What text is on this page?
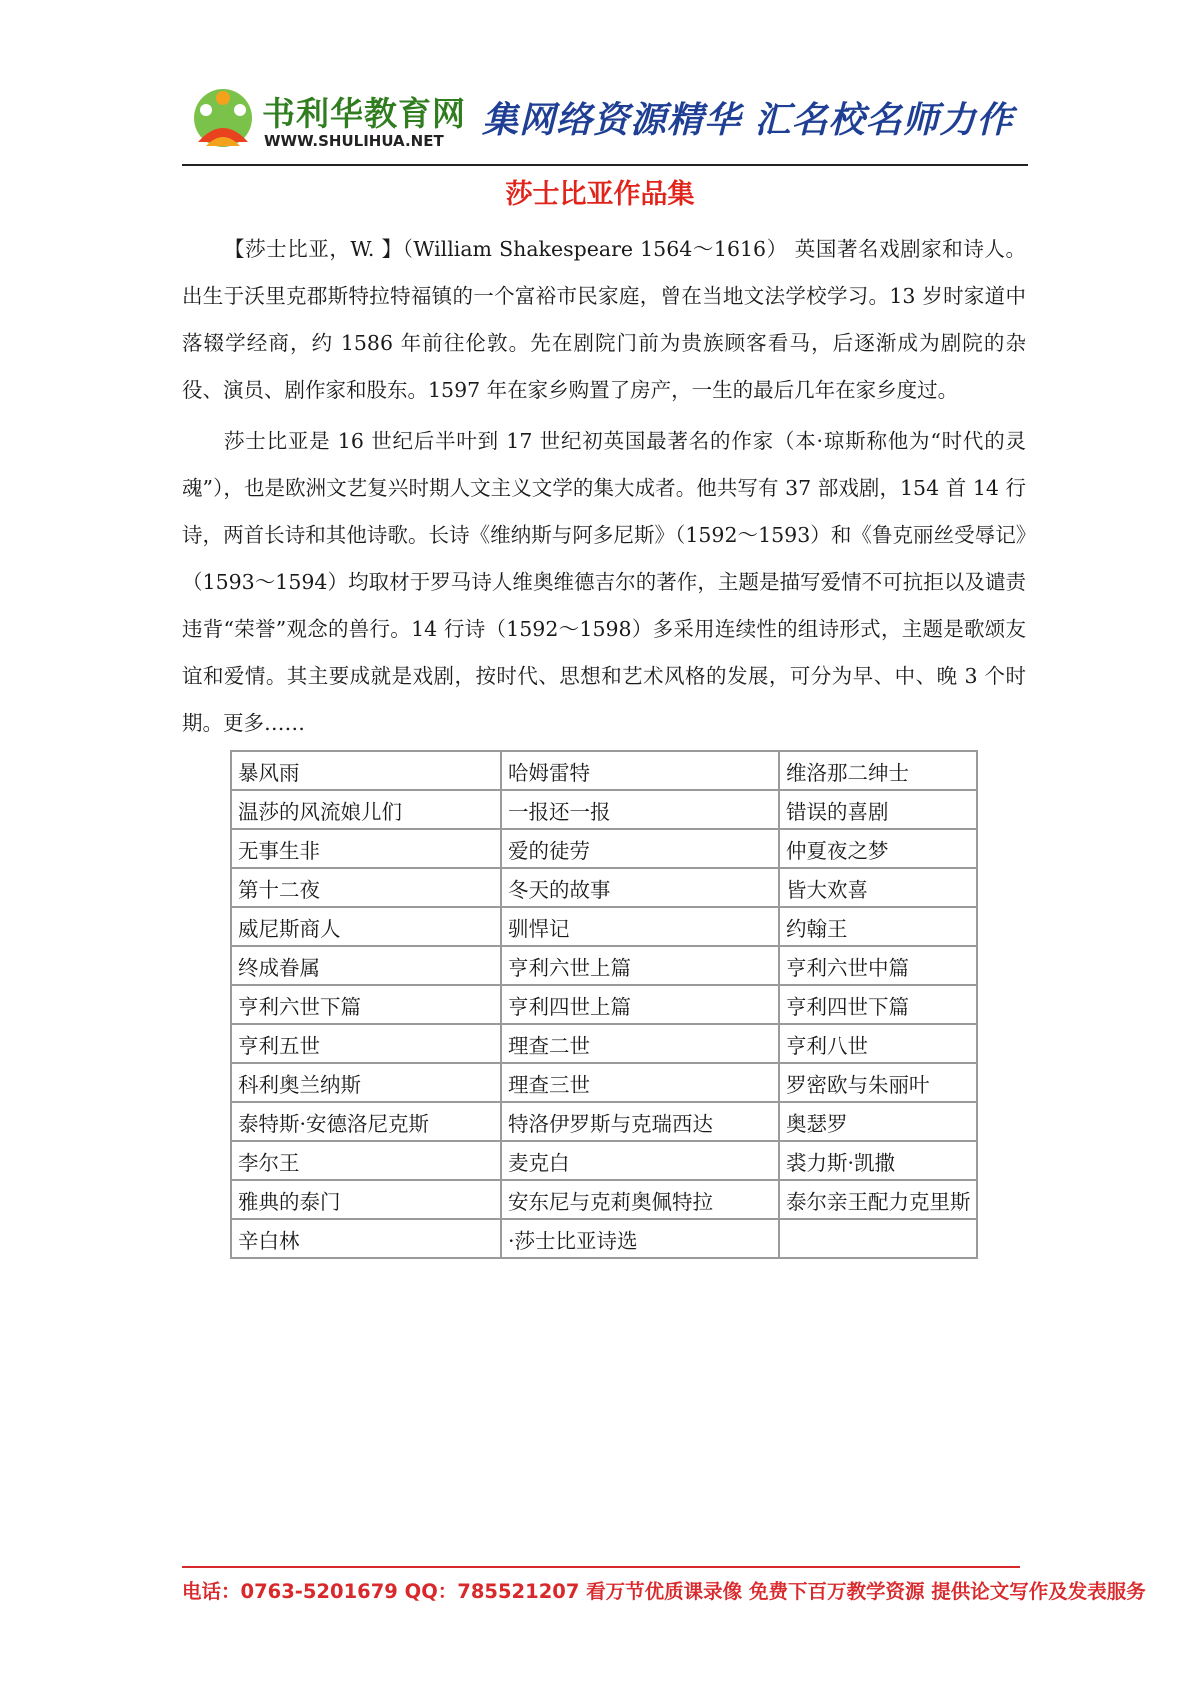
书利华教育网
WWW.SHULIHUA.NET 集网络资源精华 汇名校名师力作
莎士比亚作品集

【莎士比亚，W. 】（William Shakespeare 1564～1616） 英国著名戏剧家和诗人。出生于沃里克郡斯特拉特福镇的一个富裕市民家庭，曾在当地文法学校学习。13 岁时家道中落辍学经商，约 1586 年前往伦敦。先在剧院门前为贵族顾客看马，后逐渐成为剧院的杂役、演员、剧作家和股东。1597 年在家乡购置了房产，一生的最后几年在家乡度过。

莎士比亚是 16 世纪后半叶到 17 世纪初英国最著名的作家（本·琼斯称他为“时代的灵魂”），也是欧洲文艺复兴时期人文主义文学的集大成者。他共写有 37 部戏剧，154 首 14 行诗，两首长诗和其他诗歌。长诗《维纳斯与阿多尼斯》（1592～1593）和《鲁克丽丝受辱记》（1593～1594）均取材于罗马诗人维奥维德吉尔的著作，主题是描写爱情不可抗拒以及谴责违背“荣誉”观念的兽行。14 行诗（1592～1598）多采用连续性的组诗形式，主题是歌颂友谊和爱情。其主要成就是戏剧，按时代、思想和艺术风格的发展，可分为早、中、晚 3 个时期。更多……

暴风雨	哈姆雷特	维洛那二绅士
温莎的风流娘儿们	一报还一报	错误的喜剧
无事生非	爱的徒劳	仲夏夜之梦
第十二夜	冬天的故事	皆大欢喜
威尼斯商人	驯悍记	约翰王
终成眷属	亨利六世上篇	亨利六世中篇
亨利六世下篇	亨利四世上篇	亨利四世下篇
亨利五世	理查二世	亨利八世
科利奥兰纳斯	理查三世	罗密欧与朱丽叶
泰特斯·安德洛尼克斯	特洛伊罗斯与克瑞西达	奥瑟罗
李尔王	麦克白	裘力斯·凯撒
雅典的泰门	安东尼与克莉奥佩特拉	泰尔亲王配力克里斯
辛白林	·莎士比亚诗选	
电话：0763-5201679 QQ：785521207 看万节优质课录像 免费下百万教学资源 提供论文写作及发表服务
